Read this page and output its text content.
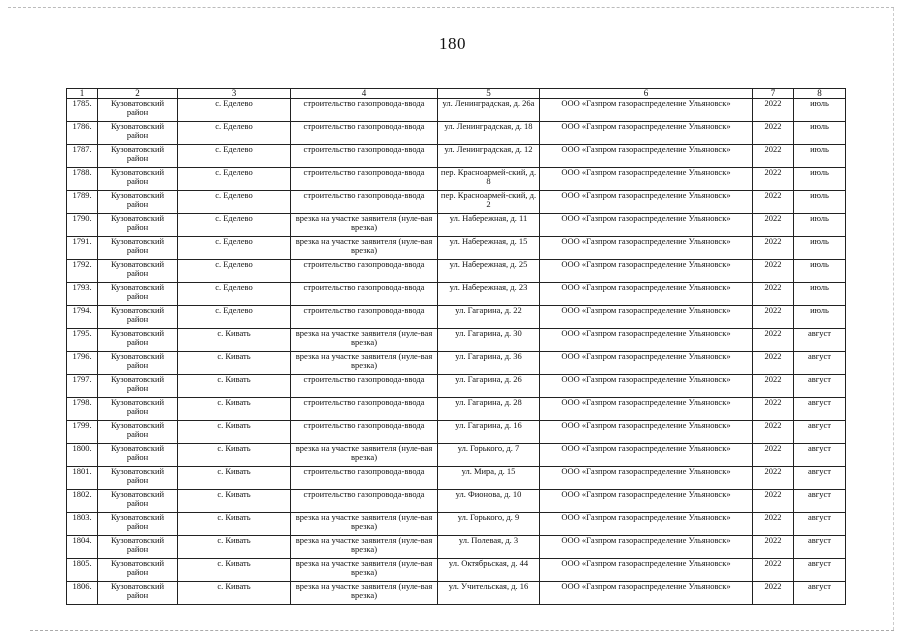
180
1	2	3	4	5	6	7	8
1785.	Кузоватовский район	с. Еделево	строительство газопровода-ввода	ул. Ленинградская, д. 26а	ООО «Газпром газораспределение Ульяновск»	2022	июль
1786.	Кузоватовский район	с. Еделево	строительство газопровода-ввода	ул. Ленинградская, д. 18	ООО «Газпром газораспределение Ульяновск»	2022	июль
1787.	Кузоватовский район	с. Еделево	строительство газопровода-ввода	ул. Ленинградская, д. 12	ООО «Газпром газораспределение Ульяновск»	2022	июль
1788.	Кузоватовский район	с. Еделево	строительство газопровода-ввода	пер. Красноармей-ский, д. 8	ООО «Газпром газораспределение Ульяновск»	2022	июль
1789.	Кузоватовский район	с. Еделево	строительство газопровода-ввода	пер. Красноармей-ский, д. 2	ООО «Газпром газораспределение Ульяновск»	2022	июль
1790.	Кузоватовский район	с. Еделево	врезка на участке заявителя (нуле-вая врезка)	ул. Набережная, д. 11	ООО «Газпром газораспределение Ульяновск»	2022	июль
1791.	Кузоватовский район	с. Еделево	врезка на участке заявителя (нуле-вая врезка)	ул. Набережная, д. 15	ООО «Газпром газораспределение Ульяновск»	2022	июль
1792.	Кузоватовский район	с. Еделево	строительство газопровода-ввода	ул. Набережная, д. 25	ООО «Газпром газораспределение Ульяновск»	2022	июль
1793.	Кузоватовский район	с. Еделево	строительство газопровода-ввода	ул. Набережная, д. 23	ООО «Газпром газораспределение Ульяновск»	2022	июль
1794.	Кузоватовский район	с. Еделево	строительство газопровода-ввода	ул. Гагарина, д. 22	ООО «Газпром газораспределение Ульяновск»	2022	июль
1795.	Кузоватовский район	с. Кивать	врезка на участке заявителя (нуле-вая врезка)	ул. Гагарина, д. 30	ООО «Газпром газораспределение Ульяновск»	2022	август
1796.	Кузоватовский район	с. Кивать	врезка на участке заявителя (нуле-вая врезка)	ул. Гагарина, д. 36	ООО «Газпром газораспределение Ульяновск»	2022	август
1797.	Кузоватовский район	с. Кивать	строительство газопровода-ввода	ул. Гагарина, д. 26	ООО «Газпром газораспределение Ульяновск»	2022	август
1798.	Кузоватовский район	с. Кивать	строительство газопровода-ввода	ул. Гагарина, д. 28	ООО «Газпром газораспределение Ульяновск»	2022	август
1799.	Кузоватовский район	с. Кивать	строительство газопровода-ввода	ул. Гагарина, д. 16	ООО «Газпром газораспределение Ульяновск»	2022	август
1800.	Кузоватовский район	с. Кивать	врезка на участке заявителя (нуле-вая врезка)	ул. Горького, д. 7	ООО «Газпром газораспределение Ульяновск»	2022	август
1801.	Кузоватовский район	с. Кивать	строительство газопровода-ввода	ул. Мира, д. 15	ООО «Газпром газораспределение Ульяновск»	2022	август
1802.	Кузоватовский район	с. Кивать	строительство газопровода-ввода	ул. Фионова, д. 10	ООО «Газпром газораспределение Ульяновск»	2022	август
1803.	Кузоватовский район	с. Кивать	врезка на участке заявителя (нуле-вая врезка)	ул. Горького, д. 9	ООО «Газпром газораспределение Ульяновск»	2022	август
1804.	Кузоватовский район	с. Кивать	врезка на участке заявителя (нуле-вая врезка)	ул. Полевая, д. 3	ООО «Газпром газораспределение Ульяновск»	2022	август
1805.	Кузоватовский район	с. Кивать	врезка на участке заявителя (нуле-вая врезка)	ул. Октябрьская, д. 44	ООО «Газпром газораспределение Ульяновск»	2022	август
1806.	Кузоватовский район	с. Кивать	врезка на участке заявителя (нуле-вая врезка)	ул. Учительская, д. 16	ООО «Газпром газораспределение Ульяновск»	2022	август
